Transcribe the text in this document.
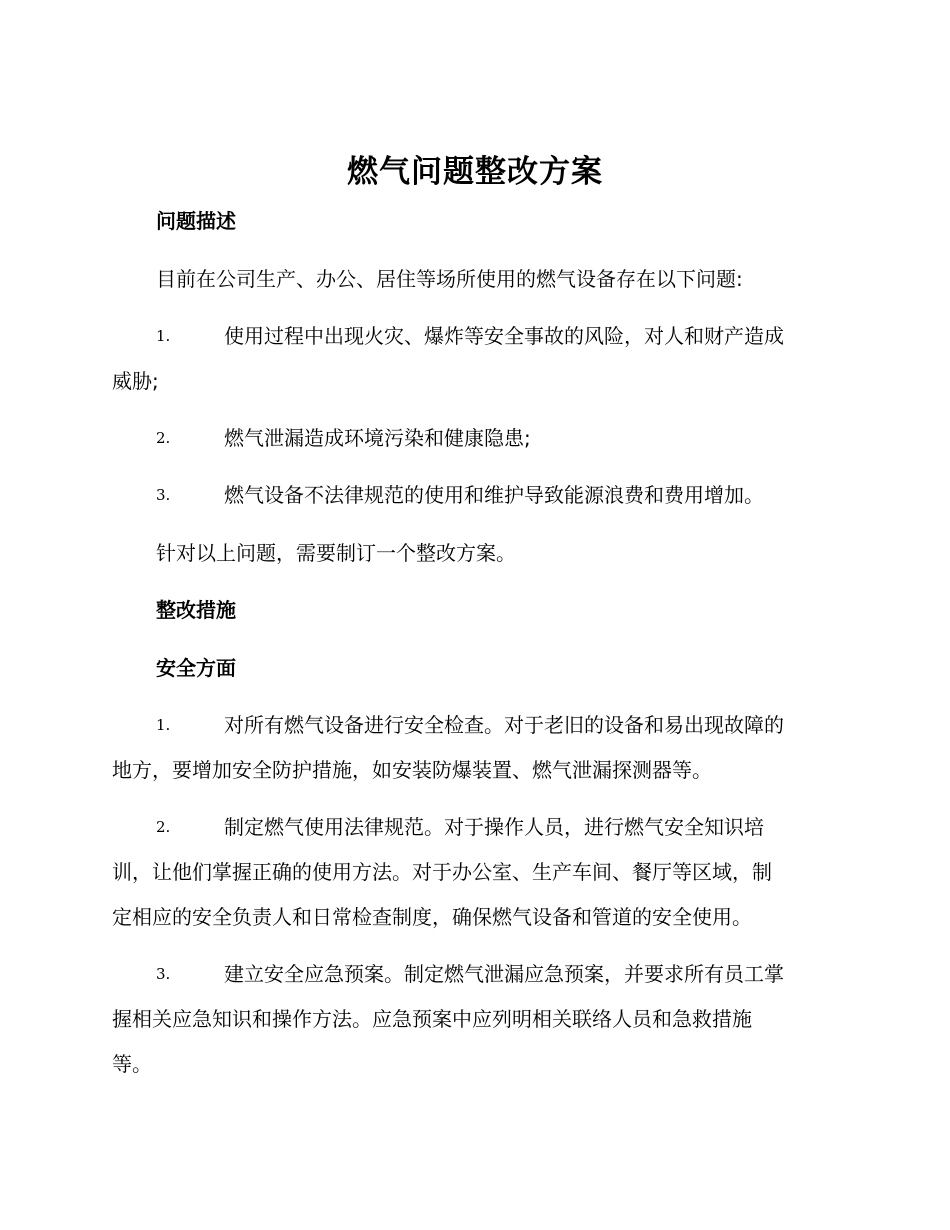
燃气问题整改方案
问题描述
目前在公司生产、办公、居住等场所使用的燃气设备存在以下问题:
1.	使用过程中出现火灾、爆炸等安全事故的风险，对人和财产造成
威胁;
2.	燃气泄漏造成环境污染和健康隐患;
3.	燃气设备不法律规范的使用和维护导致能源浪费和费用增加。
针对以上问题，需要制订一个整改方案。
整改措施
安全方面
1.	对所有燃气设备进行安全检查。对于老旧的设备和易出现故障的
地方，要增加安全防护措施，如安装防爆装置、燃气泄漏探测器等。
2.	制定燃气使用法律规范。对于操作人员，进行燃气安全知识培
训，让他们掌握正确的使用方法。对于办公室、生产车间、餐厅等区域，制
定相应的安全负责人和日常检查制度，确保燃气设备和管道的安全使用。
3.	建立安全应急预案。制定燃气泄漏应急预案，并要求所有员工掌
握相关应急知识和操作方法。应急预案中应列明相关联络人员和急救措施
等。
